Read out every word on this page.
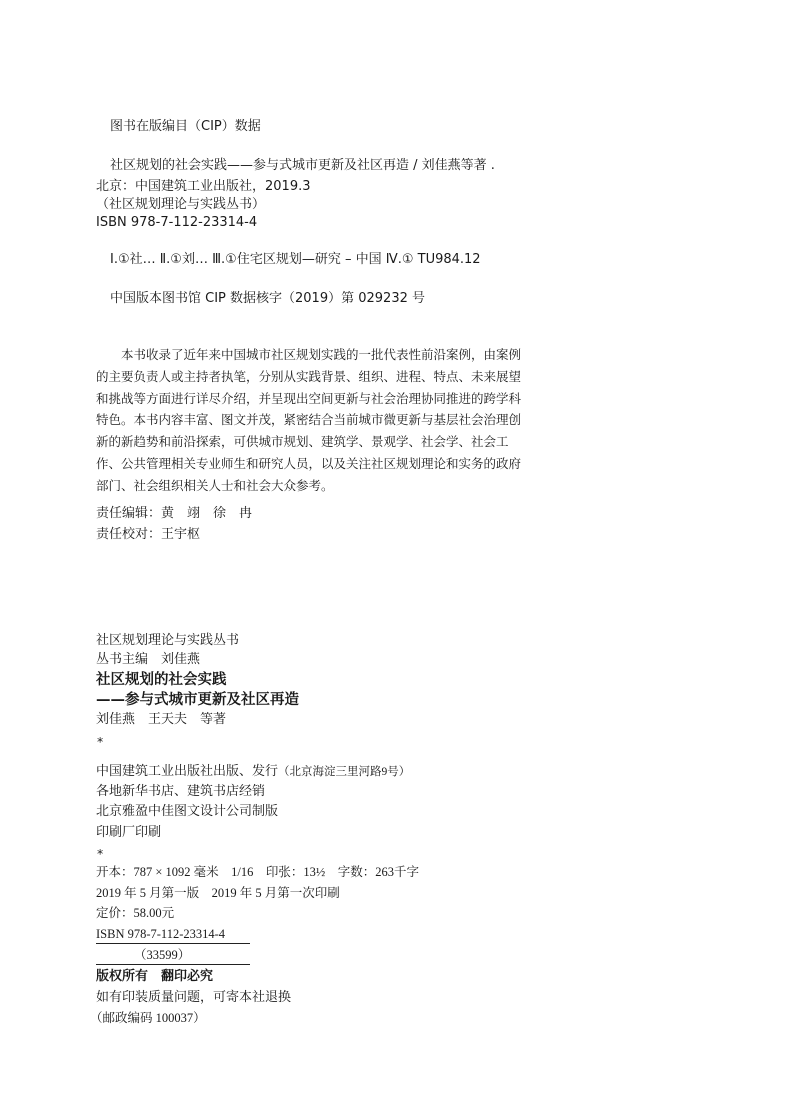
图书在版编目（CIP）数据
社区规划的社会实践——参与式城市更新及社区再造 / 刘佳燕等著 .
北京：中国建筑工业出版社，2019.3
（社区规划理论与实践丛书）
ISBN 978-7-112-23314-4
Ⅰ.①社… Ⅱ.①刘… Ⅲ.①住宅区规划—研究 – 中国 Ⅳ.① TU984.12
中国版本图书馆 CIP 数据核字（2019）第 029232 号

本书收录了近年来中国城市社区规划实践的一批代表性前沿案例，由案例的主要负责人或主持者执笔，分别从实践背景、组织、进程、特点、未来展望和挑战等方面进行详尽介绍，并呈现出空间更新与社会治理协同推进的跨学科特色。本书内容丰富、图文并茂，紧密结合当前城市微更新与基层社会治理创新的新趋势和前沿探索，可供城市规划、建筑学、景观学、社会学、社会工作、公共管理相关专业师生和研究人员，以及关注社区规划理论和实务的政府部门、社会组织相关人士和社会大众参考。

责任编辑：黄　翊　徐　冉
责任校对：王宇枢
社区规划理论与实践丛书
丛书主编　刘佳燕
社区规划的社会实践
——参与式城市更新及社区再造
刘佳燕　王天夫　等著
*
中国建筑工业出版社出版、发行（北京海淀三里河路9号）
各地新华书店、建筑书店经销
北京雅盈中佳图文设计公司制版
印刷厂印刷
*
开本：787 × 1092 毫米　1/16　印张：13½　字数：263千字
2019 年 5 月第一版　2019 年 5 月第一次印刷
定价：58.00元
ISBN 978-7-112-23314-4
（33599）
版权所有　翻印必究
如有印装质量问题，可寄本社退换
（邮政编码 100037）
